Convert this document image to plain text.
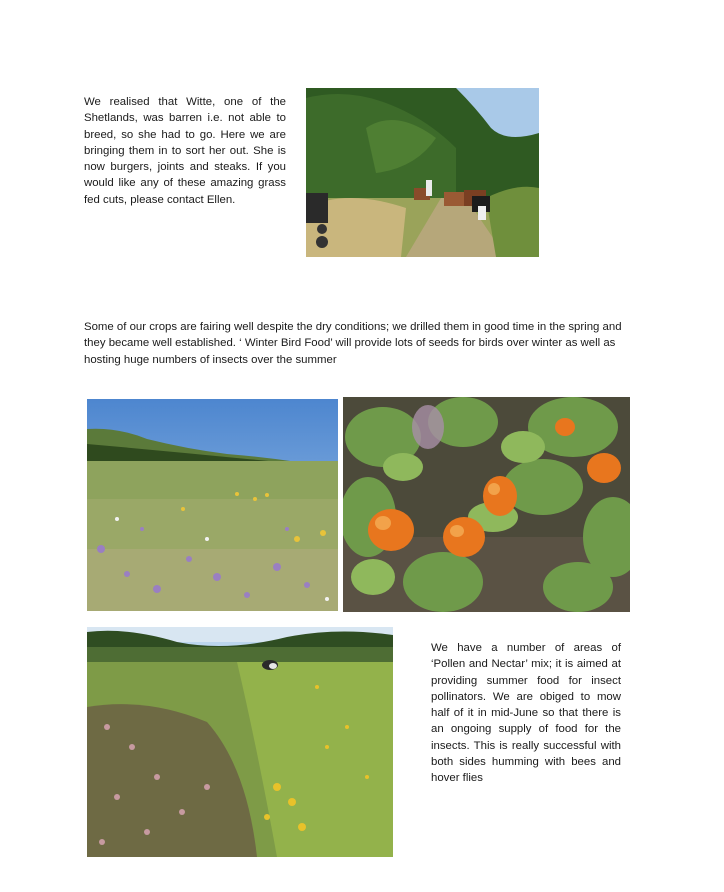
We realised that Witte, one of the Shetlands, was barren i.e. not able to breed, so she had to go. Here we are bringing them in to sort her out. She is now burgers, joints and steaks. If you would like any of these amazing grass fed cuts, please contact Ellen.
Some of our crops are fairing well despite the dry conditions; we drilled them in good time in the spring and they became well established. ‘ Winter Bird Food’ will provide lots of seeds for birds over winter as well as hosting huge numbers of insects over the summer
We have a number of areas of ‘Pollen and Nectar’ mix; it is aimed at providing summer food for insect pollinators. We are obiged to mow half of it in mid-June so that there is an ongoing supply of food for the insects. This is really successful with both sides humming with bees and hover flies
